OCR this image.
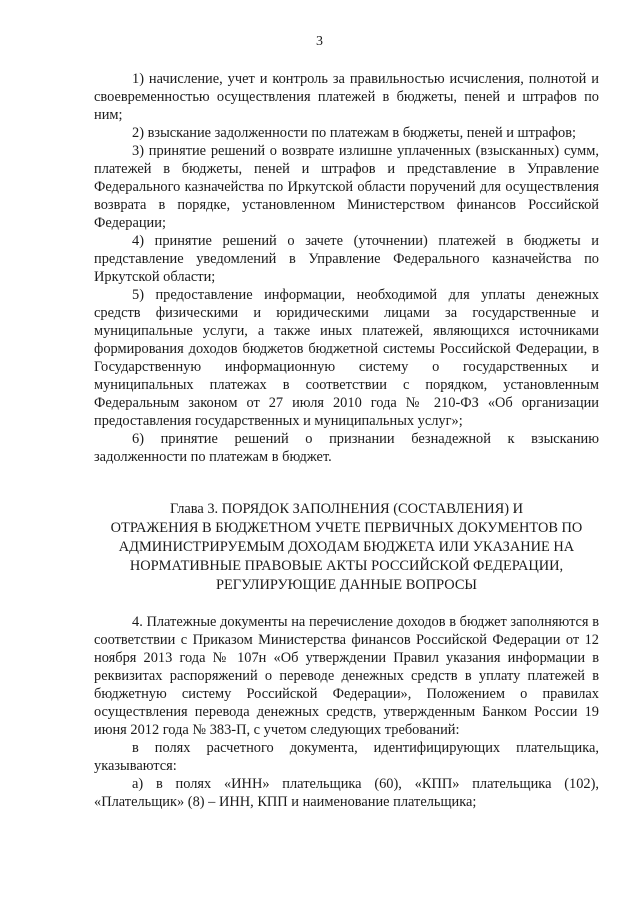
3

1) начисление, учет и контроль за правильностью исчисления, полнотой и своевременностью осуществления платежей в бюджеты, пеней и штрафов по ним;

2) взыскание задолженности по платежам в бюджеты, пеней и штрафов;

3) принятие решений о возврате излишне уплаченных (взысканных) сумм, платежей в бюджеты, пеней и штрафов и представление в Управление Федерального казначейства по Иркутской области поручений для осуществления возврата в порядке, установленном Министерством финансов Российской Федерации;

4) принятие решений о зачете (уточнении) платежей в бюджеты и представление уведомлений в Управление Федерального казначейства по Иркутской области;

5) предоставление информации, необходимой для уплаты денежных средств физическими и юридическими лицами за государственные и муниципальные услуги, а также иных платежей, являющихся источниками формирования доходов бюджетов бюджетной системы Российской Федерации, в Государственную информационную систему о государственных и муниципальных платежах в соответствии с порядком, установленным Федеральным законом от 27 июля 2010 года № 210-ФЗ «Об организации предоставления государственных и муниципальных услуг»;

6) принятие решений о признании безнадежной к взысканию задолженности по платежам в бюджет.

Глава 3. ПОРЯДОК ЗАПОЛНЕНИЯ (СОСТАВЛЕНИЯ) И
ОТРАЖЕНИЯ В БЮДЖЕТНОМ УЧЕТЕ ПЕРВИЧНЫХ ДОКУМЕНТОВ ПО
АДМИНИСТРИРУЕМЫМ ДОХОДАМ БЮДЖЕТА ИЛИ УКАЗАНИЕ НА
НОРМАТИВНЫЕ ПРАВОВЫЕ АКТЫ РОССИЙСКОЙ ФЕДЕРАЦИИ,
РЕГУЛИРУЮЩИЕ ДАННЫЕ ВОПРОСЫ

4. Платежные документы на перечисление доходов в бюджет заполняются в соответствии с Приказом Министерства финансов Российской Федерации от 12 ноября 2013 года № 107н «Об утверждении Правил указания информации в реквизитах распоряжений о переводе денежных средств в уплату платежей в бюджетную систему Российской Федерации», Положением о правилах осуществления перевода денежных средств, утвержденным Банком России 19 июня 2012 года № 383-П, с учетом следующих требований:

в полях расчетного документа, идентифицирующих плательщика, указываются:

а) в полях «ИНН» плательщика (60), «КПП» плательщика (102), «Плательщик» (8) – ИНН, КПП и наименование плательщика;
